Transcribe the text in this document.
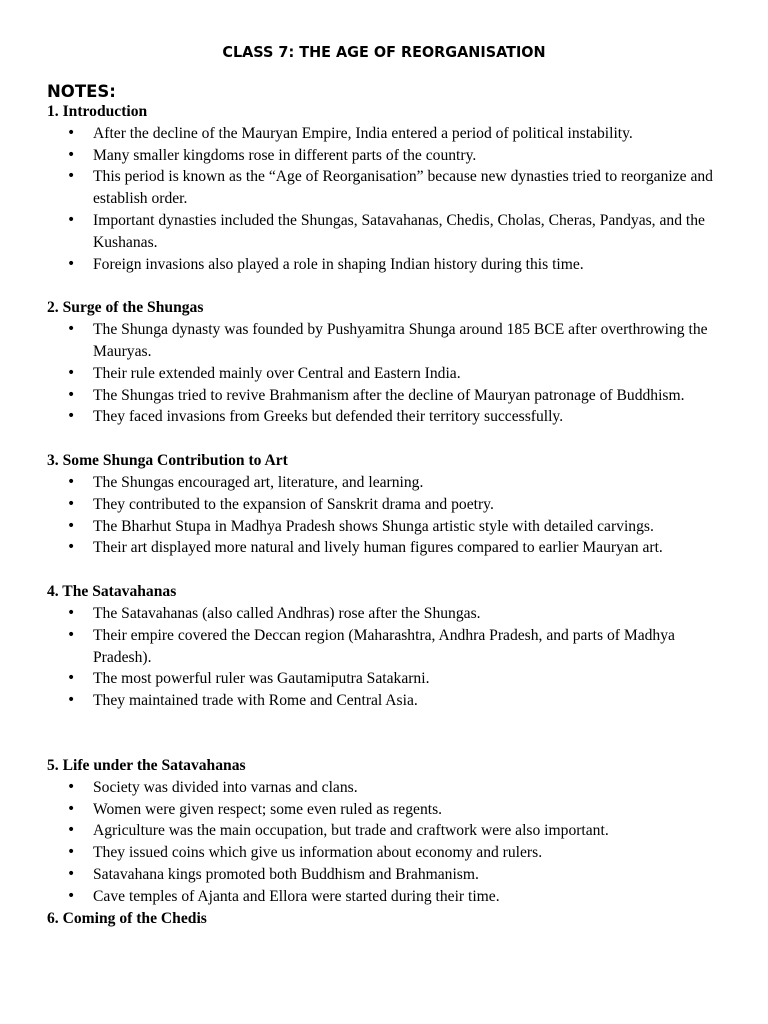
CLASS 7: THE AGE OF REORGANISATION
NOTES:
1. Introduction
• After the decline of the Mauryan Empire, India entered a period of political instability.
• Many smaller kingdoms rose in different parts of the country.
• This period is known as the “Age of Reorganisation” because new dynasties tried to reorganize and establish order.
• Important dynasties included the Shungas, Satavahanas, Chedis, Cholas, Cheras, Pandyas, and the Kushanas.
• Foreign invasions also played a role in shaping Indian history during this time.
2. Surge of the Shungas
• The Shunga dynasty was founded by Pushyamitra Shunga around 185 BCE after overthrowing the Mauryas.
• Their rule extended mainly over Central and Eastern India.
• The Shungas tried to revive Brahmanism after the decline of Mauryan patronage of Buddhism.
• They faced invasions from Greeks but defended their territory successfully.
3. Some Shunga Contribution to Art
• The Shungas encouraged art, literature, and learning.
• They contributed to the expansion of Sanskrit drama and poetry.
• The Bharhut Stupa in Madhya Pradesh shows Shunga artistic style with detailed carvings.
• Their art displayed more natural and lively human figures compared to earlier Mauryan art.
4. The Satavahanas
• The Satavahanas (also called Andhras) rose after the Shungas.
• Their empire covered the Deccan region (Maharashtra, Andhra Pradesh, and parts of Madhya Pradesh).
• The most powerful ruler was Gautamiputra Satakarni.
• They maintained trade with Rome and Central Asia.
5. Life under the Satavahanas
• Society was divided into varnas and clans.
• Women were given respect; some even ruled as regents.
• Agriculture was the main occupation, but trade and craftwork were also important.
• They issued coins which give us information about economy and rulers.
• Satavahana kings promoted both Buddhism and Brahmanism.
• Cave temples of Ajanta and Ellora were started during their time.
6. Coming of the Chedis
